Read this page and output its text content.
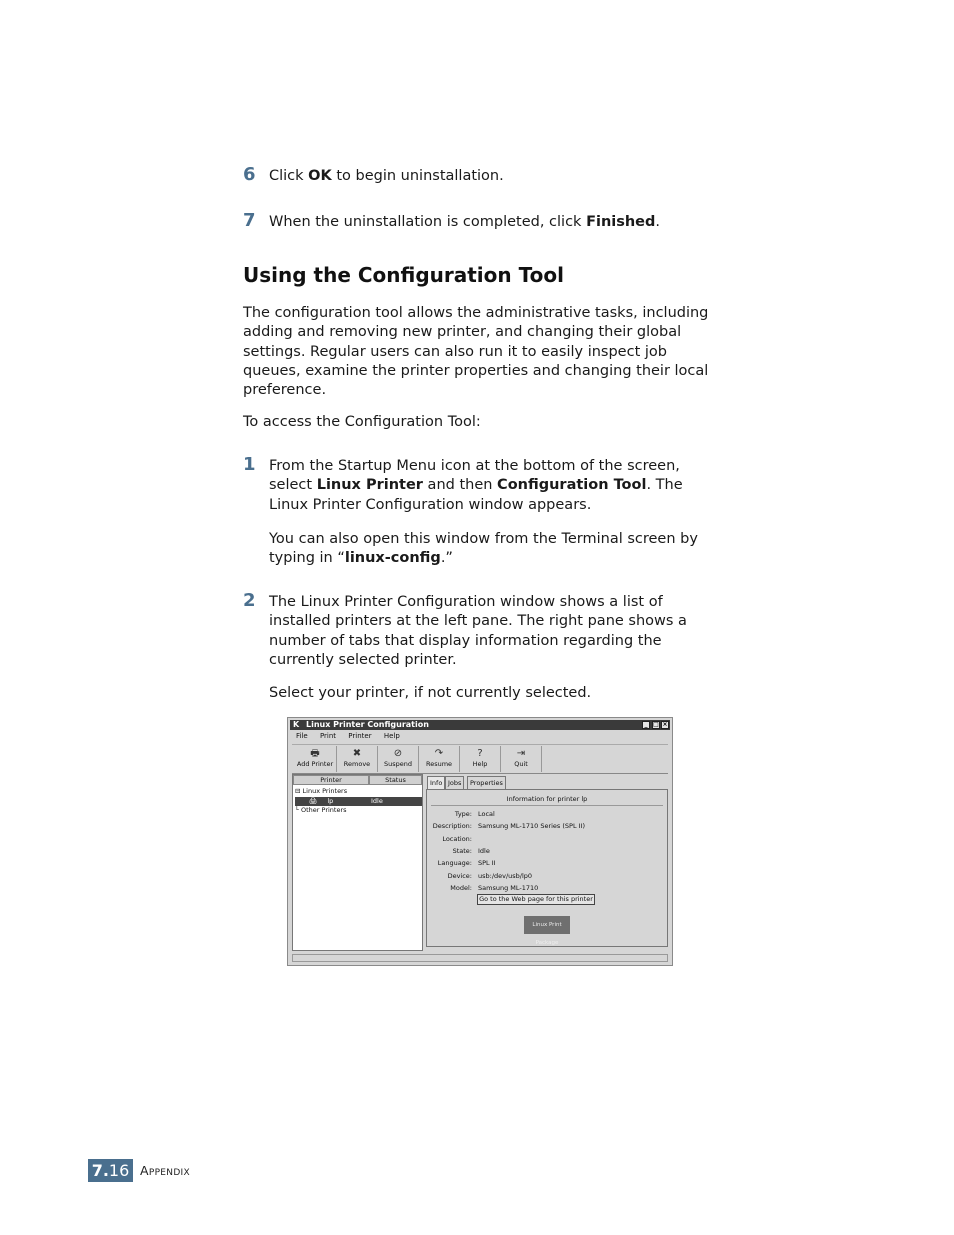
6 Click OK to begin uninstallation.
7 When the uninstallation is completed, click Finished.
Using the Configuration Tool
The configuration tool allows the administrative tasks, including
adding and removing new printer, and changing their global
settings. Regular users can also run it to easily inspect job
queues, examine the printer properties and changing their local
preference.
To access the Configuration Tool:
1 From the Startup Menu icon at the bottom of the screen,
select Linux Printer and then Configuration Tool. The
Linux Printer Configuration window appears.
You can also open this window from the Terminal screen by
typing in “linux-config.”
2 The Linux Printer Configuration window shows a list of
installed printers at the left pane. The right pane shows a
number of tabs that display information regarding the
currently selected printer.
Select your printer, if not currently selected.
K Linux Printer Configuration	_ □ ×
File Print Printer Help
🖶
Add Printer
✖
Remove
⊘
Suspend
↷
Resume
?
Help
⇥
Quit
Printer	Status
⊟ Linux Printers
🖨 lp	Idle
└ Other Printers
Info Jobs	Properties
Information for printer lp
Type: Local
Description: Samsung ML-1710 Series (SPL II)
Location:
State: Idle
Language: SPL II
Device: usb:/dev/usb/lp0
Model: Samsung ML-1710
Go to the Web page for this printer
Linux Print Package
7.16 Appendix
